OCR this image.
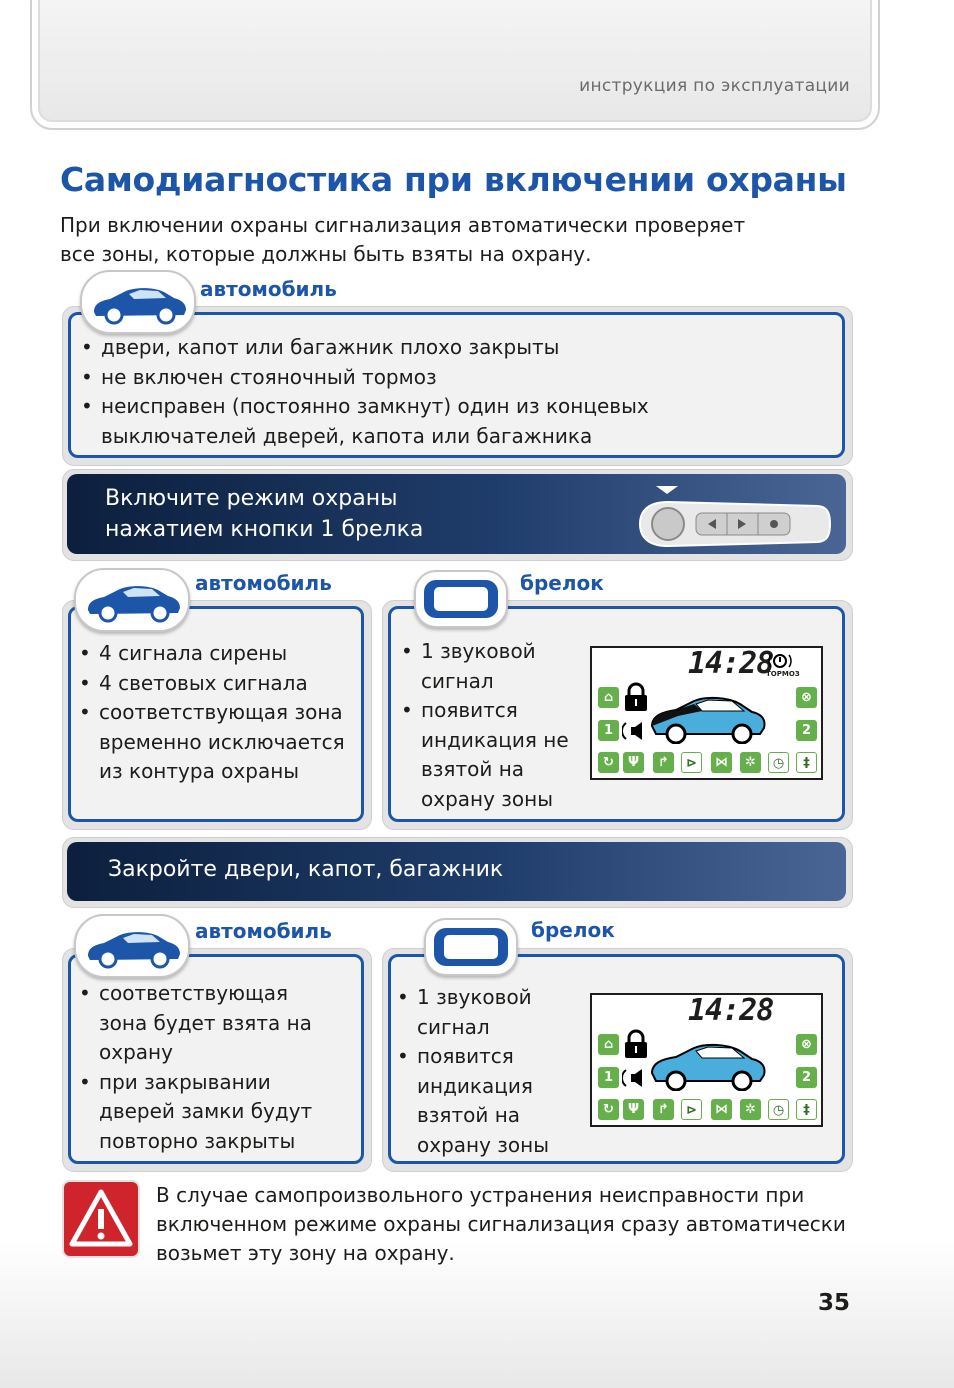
инструкция по эксплуатации
Самодиагностика при включении охраны
При включении охраны сигнализация автоматически проверяет все зоны, которые должны быть взяты на охрану.
• двери, капот или багажник плохо закрыты
• не включен стояночный тормоз
• неисправен (постоянно замкнут) один из концевых выключателей дверей, капота или багажника
автомобиль
Включите режим охраны
нажатием кнопки 1 брелка
• 4 сигнала сирены
• 4 световых сигнала
• соответствующая зона временно исключается из контура охраны
автомобиль
• 1 звуковой сигнал
• появится индикация не взятой на охрану зоны
брелок
14:28
ТОРМОЗ
⌂	⊗
1	2
↻	Ψ	↱	⊳	⋈	✲	◷	‡
Закройте двери, капот, багажник
• соответствующая зона будет взята на охрану
• при закрывании дверей замки будут повторно закрыты
автомобиль
• 1 звуковой сигнал
• появится индикация взятой на охрану зоны
брелок
14:28
⌂	⊗
1	2
↻	Ψ	↱	⊳	⋈	✲	◷	‡
В случае самопроизвольного устранения неисправности при включенном режиме охраны сигнализация сразу автоматически возьмет эту зону на охрану.
35
